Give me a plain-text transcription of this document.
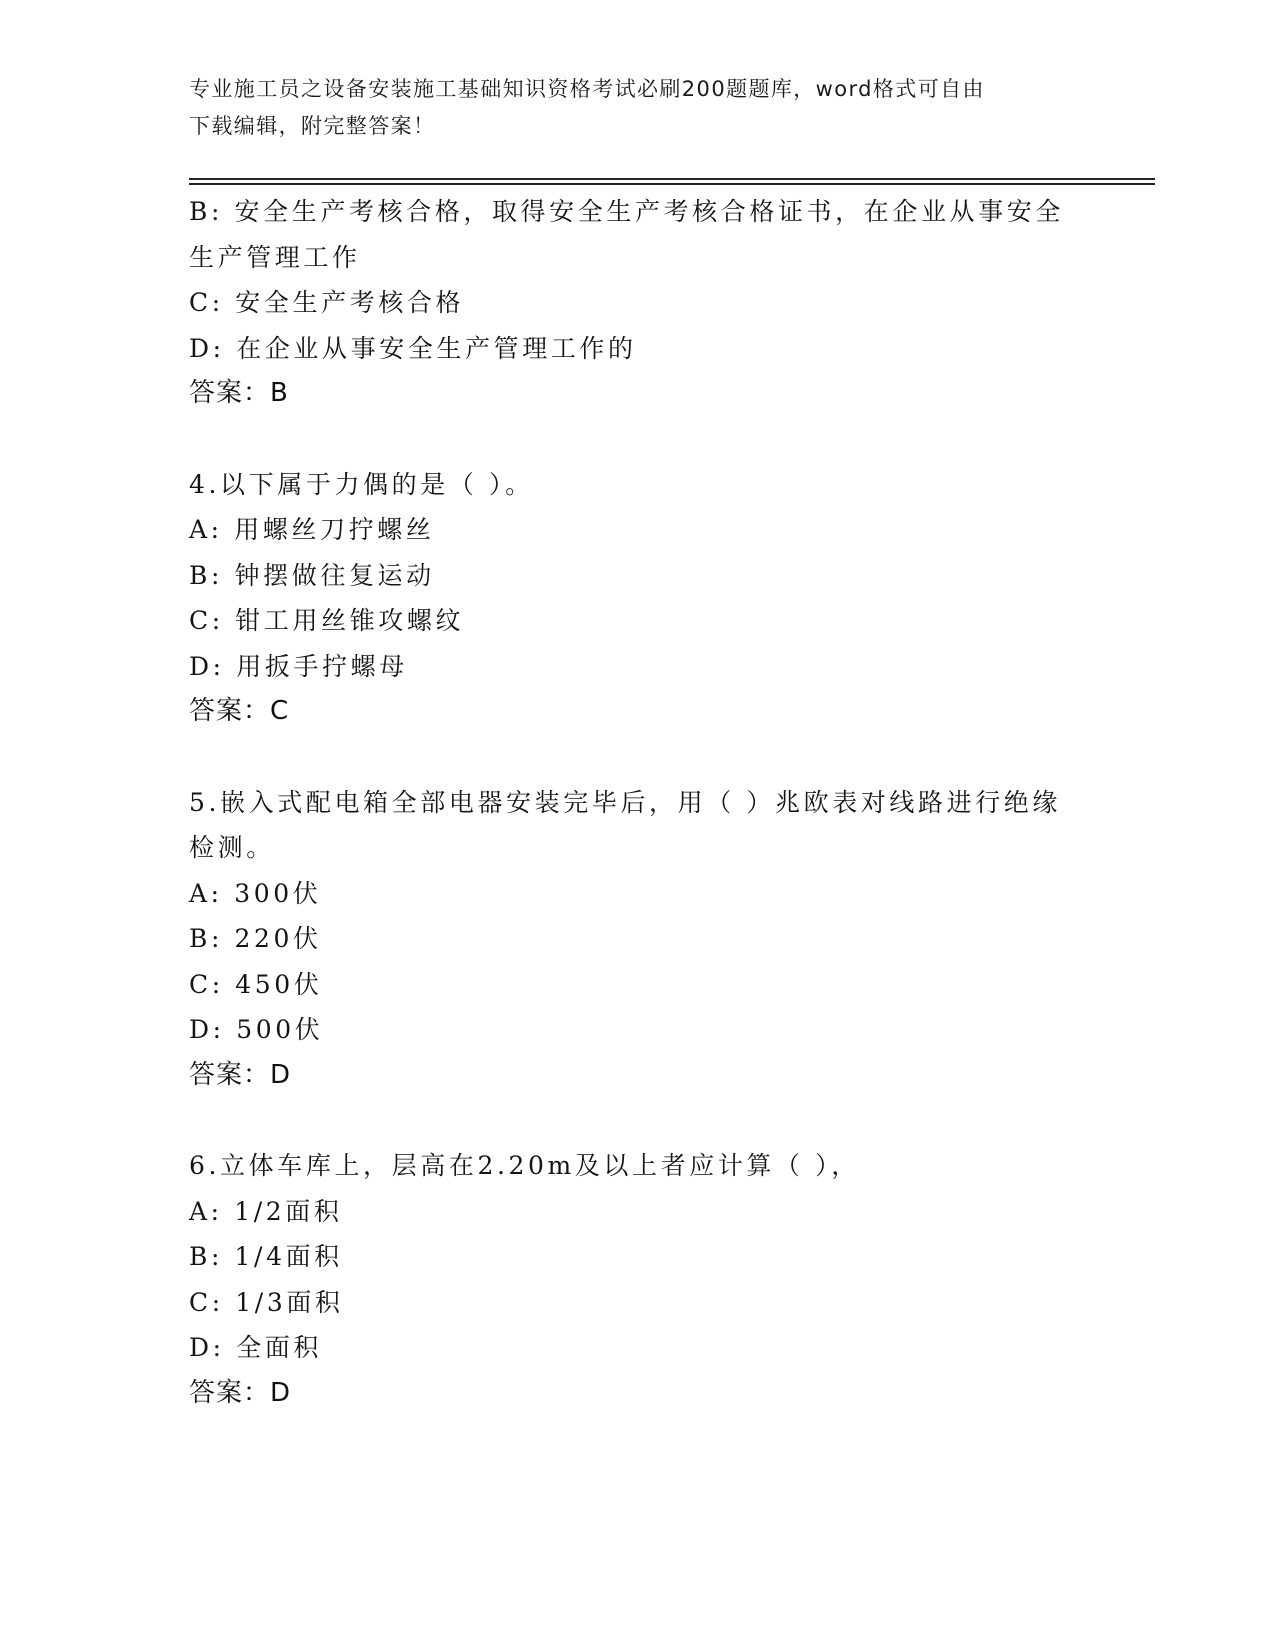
专业施工员之设备安装施工基础知识资格考试必刷200题题库，word格式可自由
下载编辑，附完整答案！
B: 安全生产考核合格，取得安全生产考核合格证书，在企业从事安全
生产管理工作
C: 安全生产考核合格
D: 在企业从事安全生产管理工作的
答案：B
4.以下属于力偶的是（ ）。
A: 用螺丝刀拧螺丝
B: 钟摆做往复运动
C: 钳工用丝锥攻螺纹
D: 用扳手拧螺母
答案：C
5.嵌入式配电箱全部电器安装完毕后，用（ ）兆欧表对线路进行绝缘
检测。
A: 300伏
B: 220伏
C: 450伏
D: 500伏
答案：D
6.立体车库上，层高在2.20m及以上者应计算（ ），
A: 1/2面积
B: 1/4面积
C: 1/3面积
D: 全面积
答案：D
